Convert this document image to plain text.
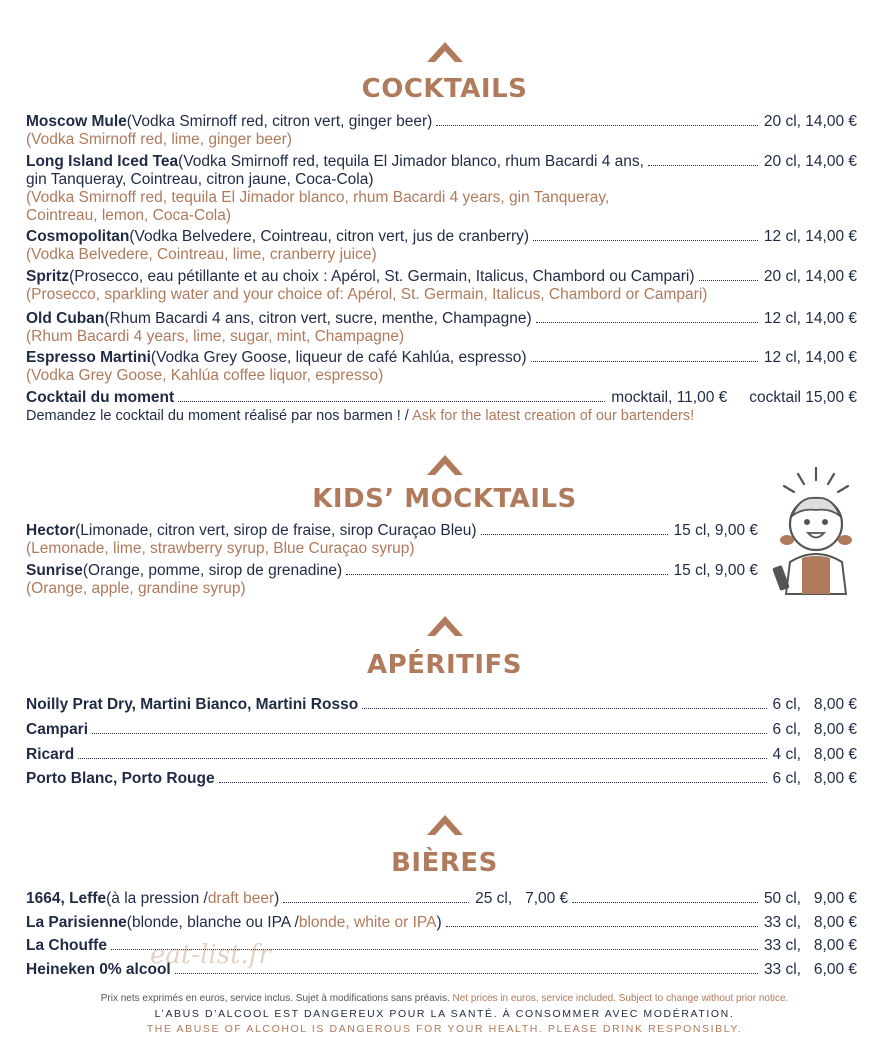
COCKTAILS
Moscow Mule (Vodka Smirnoff red, citron vert, ginger beer)	20 cl, 14,00 €
(Vodka Smirnoff red, lime, ginger beer)
Long Island Iced Tea (Vodka Smirnoff red, tequila El Jimador blanco, rhum Bacardi 4 ans,	20 cl, 14,00 €
gin Tanqueray, Cointreau, citron jaune, Coca-Cola)
(Vodka Smirnoff red, tequila El Jimador blanco, rhum Bacardi 4 years, gin Tanqueray,
Cointreau, lemon, Coca-Cola)
Cosmopolitan (Vodka Belvedere, Cointreau, citron vert, jus de cranberry)	12 cl, 14,00 €
(Vodka Belvedere, Cointreau, lime, cranberry juice)
Spritz (Prosecco, eau pétillante et au choix : Apérol, St. Germain, Italicus, Chambord ou Campari)	20 cl, 14,00 €
(Prosecco, sparkling water and your choice of: Apérol, St. Germain, Italicus, Chambord or Campari)
Old Cuban (Rhum Bacardi 4 ans, citron vert, sucre, menthe, Champagne)	12 cl, 14,00 €
(Rhum Bacardi 4 years, lime, sugar, mint, Champagne)
Espresso Martini (Vodka Grey Goose, liqueur de café Kahlúa, espresso)	12 cl, 14,00 €
(Vodka Grey Goose, Kahlúa coffee liquor, espresso)
Cocktail du moment	mocktail, 11,00 € cocktail 15,00 €
Demandez le cocktail du moment réalisé par nos barmen ! / Ask for the latest creation of our bartenders!
KIDS’ MOCKTAILS
Hector (Limonade, citron vert, sirop de fraise, sirop Curaçao Bleu)	15 cl, 9,00 €
(Lemonade, lime, strawberry syrup, Blue Curaçao syrup)
Sunrise (Orange, pomme, sirop de grenadine)	15 cl, 9,00 €
(Orange, apple, grandine syrup)
APÉRITIFS
Noilly Prat Dry, Martini Bianco, Martini Rosso	6 cl,   8,00 €
Campari	6 cl,   8,00 €
Ricard	4 cl,   8,00 €
Porto Blanc, Porto Rouge	6 cl,   8,00 €
BIÈRES
1664, Leffe (à la pression / draft beer )	25 cl,   7,00 €	50 cl,   9,00 €
La Parisienne (blonde, blanche ou IPA / blonde, white or IPA )	33 cl,   8,00 €
La Chouffe	33 cl,   8,00 €
Heineken 0% alcool	33 cl,   6,00 €
eat-list.fr
Prix nets exprimés en euros, service inclus. Sujet à modifications sans préavis. Net prices in euros, service included. Subject to change without prior notice.
L’ABUS D’ALCOOL EST DANGEREUX POUR LA SANTÉ. À CONSOMMER AVEC MODÉRATION.
THE ABUSE OF ALCOHOL IS DANGEROUS FOR YOUR HEALTH. PLEASE DRINK RESPONSIBLY.
